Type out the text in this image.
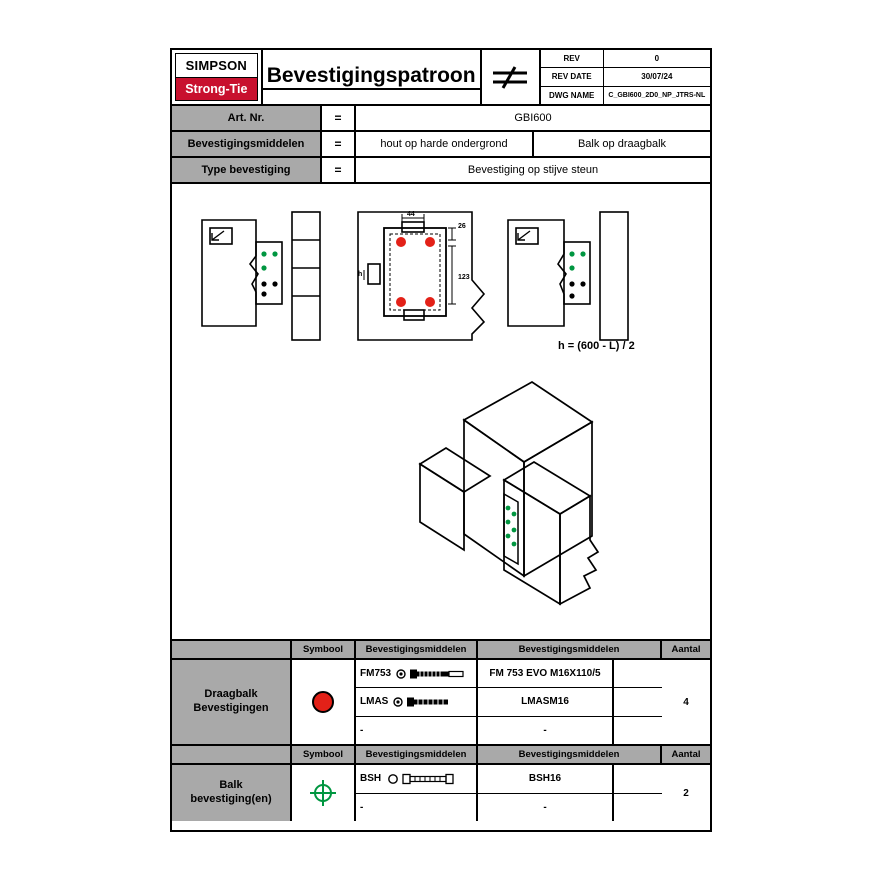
SIMPSON
Strong-Tie
Bevestigingspatroon
REV	0
REV DATE	30/07/24
DWG NAME	C_GBI600_2D0_NP_JTRS-NL
Art. Nr.	=	GBI600
Bevestigingsmiddelen	=	hout op harde ondergrond	Balk op draagbalk
Type bevestiging	=	Bevestiging op stijve steun
44
26
123
h
h = (600 - L) / 2
Symbool	Bevestigingsmiddelen	Bevestigingsmiddelen	Aantal
Draagbalk
Bevestigingen
FM753	FM 753 EVO M16X110/5
LMAS	LMASM16
-	-
4
Symbool	Bevestigingsmiddelen	Bevestigingsmiddelen	Aantal
Balk
bevestiging(en)
BSH	BSH16
-	-
2
